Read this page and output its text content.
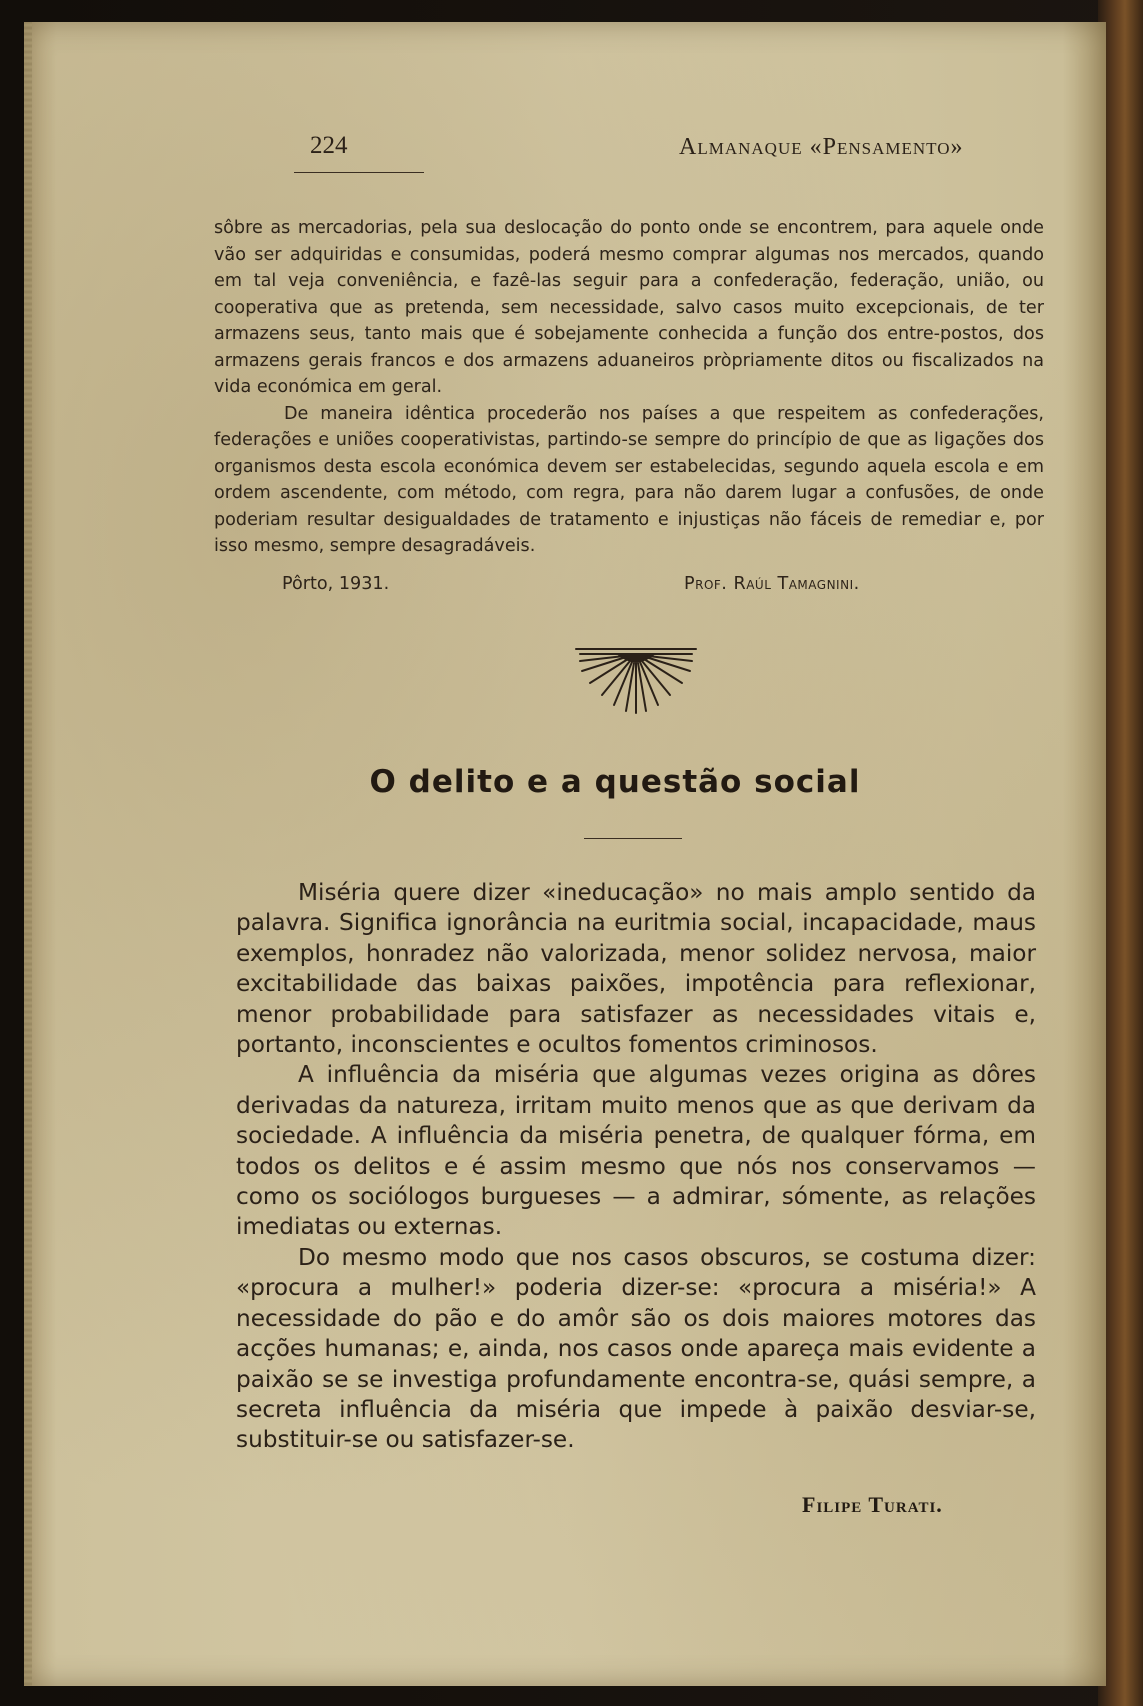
224	Almanaque «Pensamento»

sôbre as mercadorias, pela sua deslocação do ponto onde se encontrem, para aquele onde vão ser adquiridas e consumidas, poderá mesmo comprar algumas nos mercados, quando em tal veja conveniência, e fazê-las seguir para a confederação, federação, união, ou cooperativa que as pretenda, sem necessidade, salvo casos muito excepcionais, de ter armazens seus, tanto mais que é sobejamente conhecida a função dos entre-postos, dos armazens gerais francos e dos armazens aduaneiros pròpriamente ditos ou fiscalizados na vida económica em geral.

De maneira idêntica procederão nos países a que respeitem as confederações, federações e uniões cooperativistas, partindo-se sempre do princípio de que as ligações dos organismos desta escola económica devem ser estabelecidas, segundo aquela escola e em ordem ascendente, com método, com regra, para não darem lugar a confusões, de onde poderiam resultar desigualdades de tratamento e injustiças não fáceis de remediar e, por isso mesmo, sempre desagradáveis.

Pôrto, 1931.	Prof. Raúl Tamagnini.
O delito e a questão social

Miséria quere dizer «ineducação» no mais amplo sentido da palavra. Significa ignorância na euritmia social, incapacidade, maus exemplos, honradez não valorizada, menor solidez nervosa, maior excitabilidade das baixas paixões, impotência para reflexionar, menor probabilidade para satisfazer as necessidades vitais e, portanto, inconscientes e ocultos fomentos criminosos.

A influência da miséria que algumas vezes origina as dôres derivadas da natureza, irritam muito menos que as que derivam da sociedade. A influência da miséria penetra, de qualquer fórma, em todos os delitos e é assim mesmo que nós nos conservamos — como os sociólogos burgueses — a admirar, sómente, as relações imediatas ou externas.

Do mesmo modo que nos casos obscuros, se costuma dizer: «procura a mulher!» poderia dizer-se: «procura a miséria!» A necessidade do pão e do amôr são os dois maiores motores das acções humanas; e, ainda, nos casos onde apareça mais evidente a paixão se se investiga profundamente encontra-se, quási sempre, a secreta influência da miséria que impede à paixão desviar-se, substituir-se ou satisfazer-se.

Filipe Turati.
